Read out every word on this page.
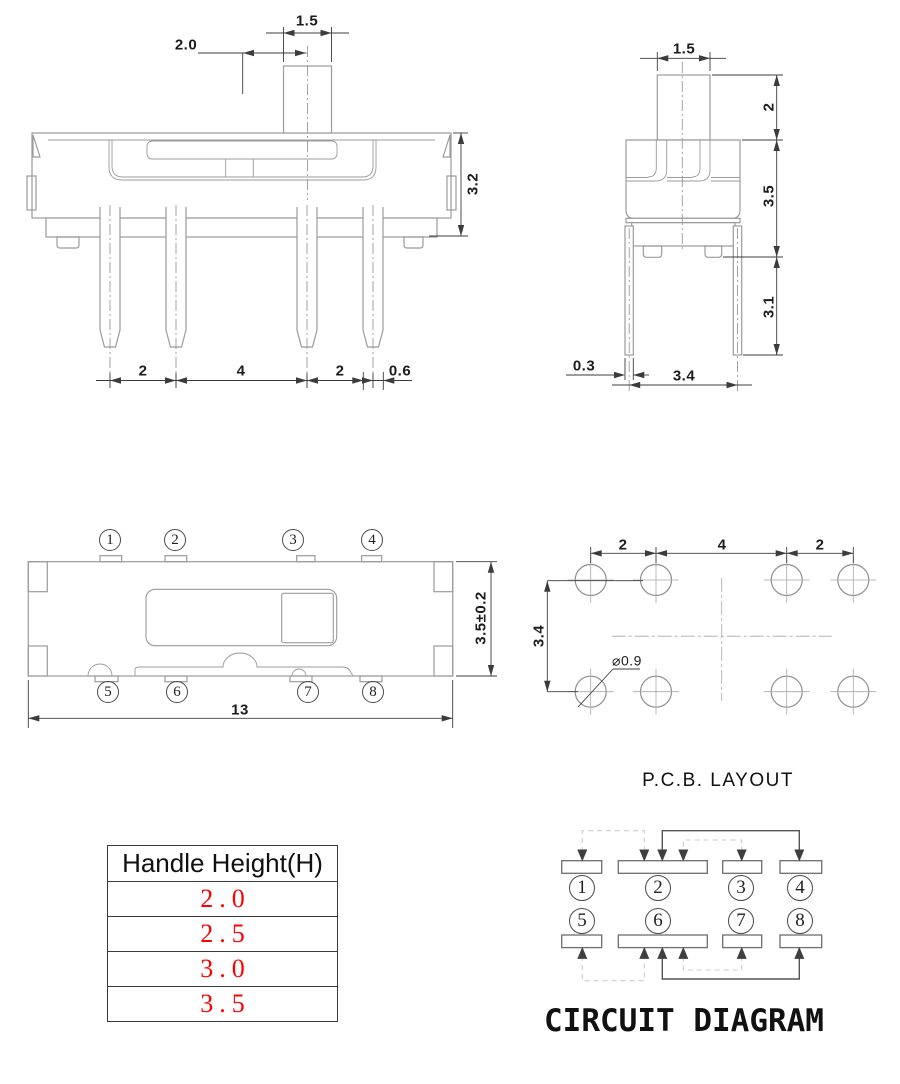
1.5
2.0
3.2
2	4	2	0.6
1.5
2
3.5
3.1
0.3
3.4
13
3.5±0.2
1	2	3	4
5	6	7	8
2	4	2
3.4
⌀0.9
P.C.B. LAYOUT
Handle Height(H)
2.0
2.5
3.0
3.5
1	2	3	4
5	6	7	8
CIRCUIT DIAGRAM
